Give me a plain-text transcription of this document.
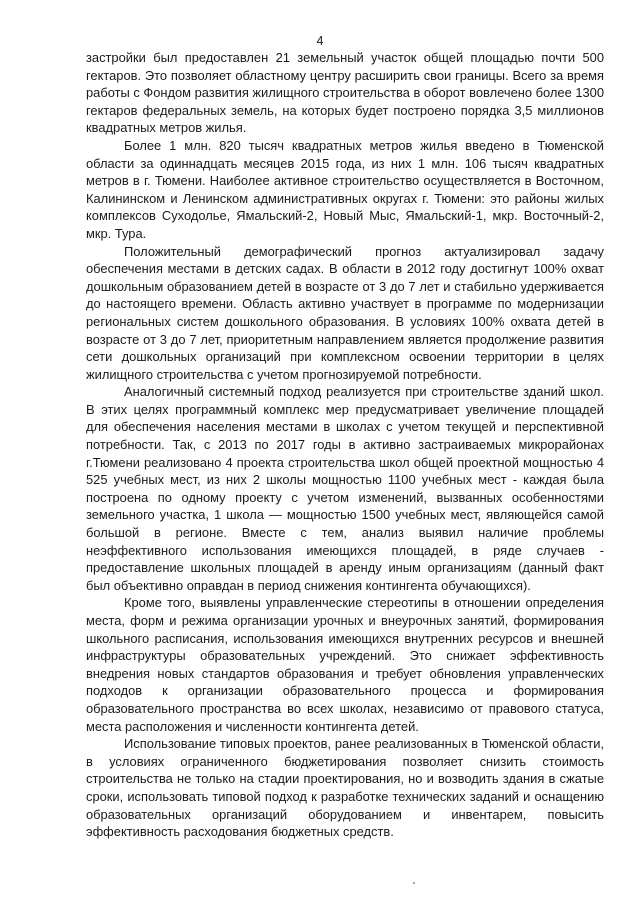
4

застройки был предоставлен 21 земельный участок общей площадью почти 500 гектаров. Это позволяет областному центру расширить свои границы. Всего за время работы с Фондом развития жилищного строительства в оборот вовлечено более 1300 гектаров федеральных земель, на которых будет построено порядка 3,5 миллионов квадратных метров жилья.

Более 1 млн. 820 тысяч квадратных метров жилья введено в Тюменской области за одиннадцать месяцев 2015 года, из них 1 млн. 106 тысяч квадратных метров в г. Тюмени. Наиболее активное строительство осуществляется в Восточном, Калининском и Ленинском административных округах г. Тюмени: это районы жилых комплексов Суходолье, Ямальский-2, Новый Мыс, Ямальский-1, мкр. Восточный-2, мкр. Тура.

Положительный демографический прогноз актуализировал задачу обеспечения местами в детских садах. В области в 2012 году достигнут 100% охват дошкольным образованием детей в возрасте от 3 до 7 лет и стабильно удерживается до настоящего времени. Область активно участвует в программе по модернизации региональных систем дошкольного образования. В условиях 100% охвата детей в возрасте от 3 до 7 лет, приоритетным направлением является продолжение развития сети дошкольных организаций при комплексном освоении территории в целях жилищного строительства с учетом прогнозируемой потребности.

Аналогичный системный подход реализуется при строительстве зданий школ. В этих целях программный комплекс мер предусматривает увеличение площадей для обеспечения населения местами в школах с учетом текущей и перспективной потребности. Так, с 2013 по 2017 годы в активно застраиваемых микрорайонах г.Тюмени реализовано 4 проекта строительства школ общей проектной мощностью 4 525 учебных мест, из них 2 школы мощностью 1100 учебных мест - каждая была построена по одному проекту с учетом изменений, вызванных особенностями земельного участка, 1 школа — мощностью 1500 учебных мест, являющейся самой большой в регионе. Вместе с тем, анализ выявил наличие проблемы неэффективного использования имеющихся площадей, в ряде случаев - предоставление школьных площадей в аренду иным организациям (данный факт был объективно оправдан в период снижения контингента обучающихся).

Кроме того, выявлены управленческие стереотипы в отношении определения места, форм и режима организации урочных и внеурочных занятий, формирования школьного расписания, использования имеющихся внутренних ресурсов и внешней инфраструктуры образовательных учреждений. Это снижает эффективность внедрения новых стандартов образования и требует обновления управленческих подходов к организации образовательного процесса и формирования образовательного пространства во всех школах, независимо от правового статуса, места расположения и численности контингента детей.

Использование типовых проектов, ранее реализованных в Тюменской области, в условиях ограниченного бюджетирования позволяет снизить стоимость строительства не только на стадии проектирования, но и возводить здания в сжатые сроки, использовать типовой подход к разработке технических заданий и оснащению образовательных организаций оборудованием и инвентарем, повысить эффективность расходования бюджетных средств.
